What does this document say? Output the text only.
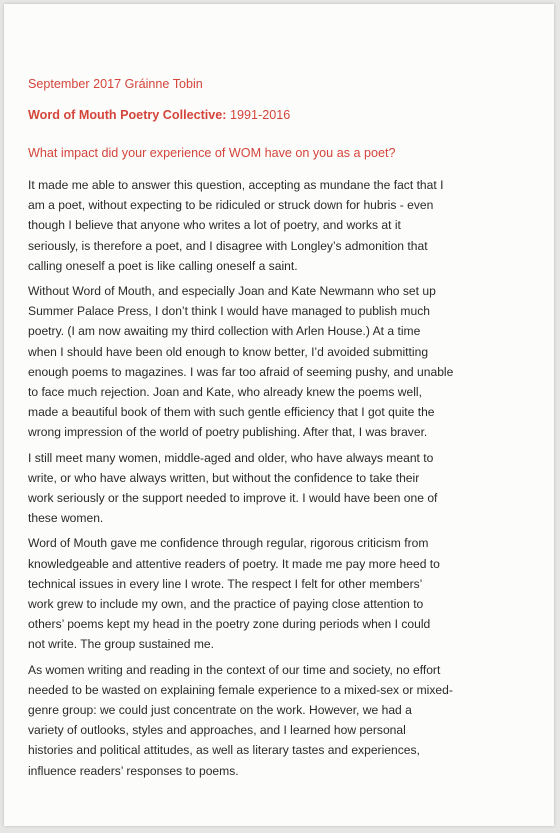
September 2017 Gráinne Tobin

Word of Mouth Poetry Collective: 1991-2016

What impact did your experience of WOM have on you as a poet?

It made me able to answer this question, accepting as mundane the fact that I
am a poet, without expecting to be ridiculed or struck down for hubris - even
though I believe that anyone who writes a lot of poetry, and works at it
seriously, is therefore a poet, and I disagree with Longley’s admonition that
calling oneself a poet is like calling oneself a saint.

Without Word of Mouth, and especially Joan and Kate Newmann who set up
Summer Palace Press, I don’t think I would have managed to publish much
poetry. (I am now awaiting my third collection with Arlen House.) At a time
when I should have been old enough to know better, I’d avoided submitting
enough poems to magazines. I was far too afraid of seeming pushy, and unable
to face much rejection. Joan and Kate, who already knew the poems well,
made a beautiful book of them with such gentle efficiency that I got quite the
wrong impression of the world of poetry publishing. After that, I was braver.

I still meet many women, middle-aged and older, who have always meant to
write, or who have always written, but without the confidence to take their
work seriously or the support needed to improve it. I would have been one of
these women.

Word of Mouth gave me confidence through regular, rigorous criticism from
knowledgeable and attentive readers of poetry. It made me pay more heed to
technical issues in every line I wrote. The respect I felt for other members’
work grew to include my own, and the practice of paying close attention to
others’ poems kept my head in the poetry zone during periods when I could
not write. The group sustained me.

As women writing and reading in the context of our time and society, no effort
needed to be wasted on explaining female experience to a mixed-sex or mixed-
genre group: we could just concentrate on the work. However, we had a
variety of outlooks, styles and approaches, and I learned how personal
histories and political attitudes, as well as literary tastes and experiences,
influence readers’ responses to poems.
